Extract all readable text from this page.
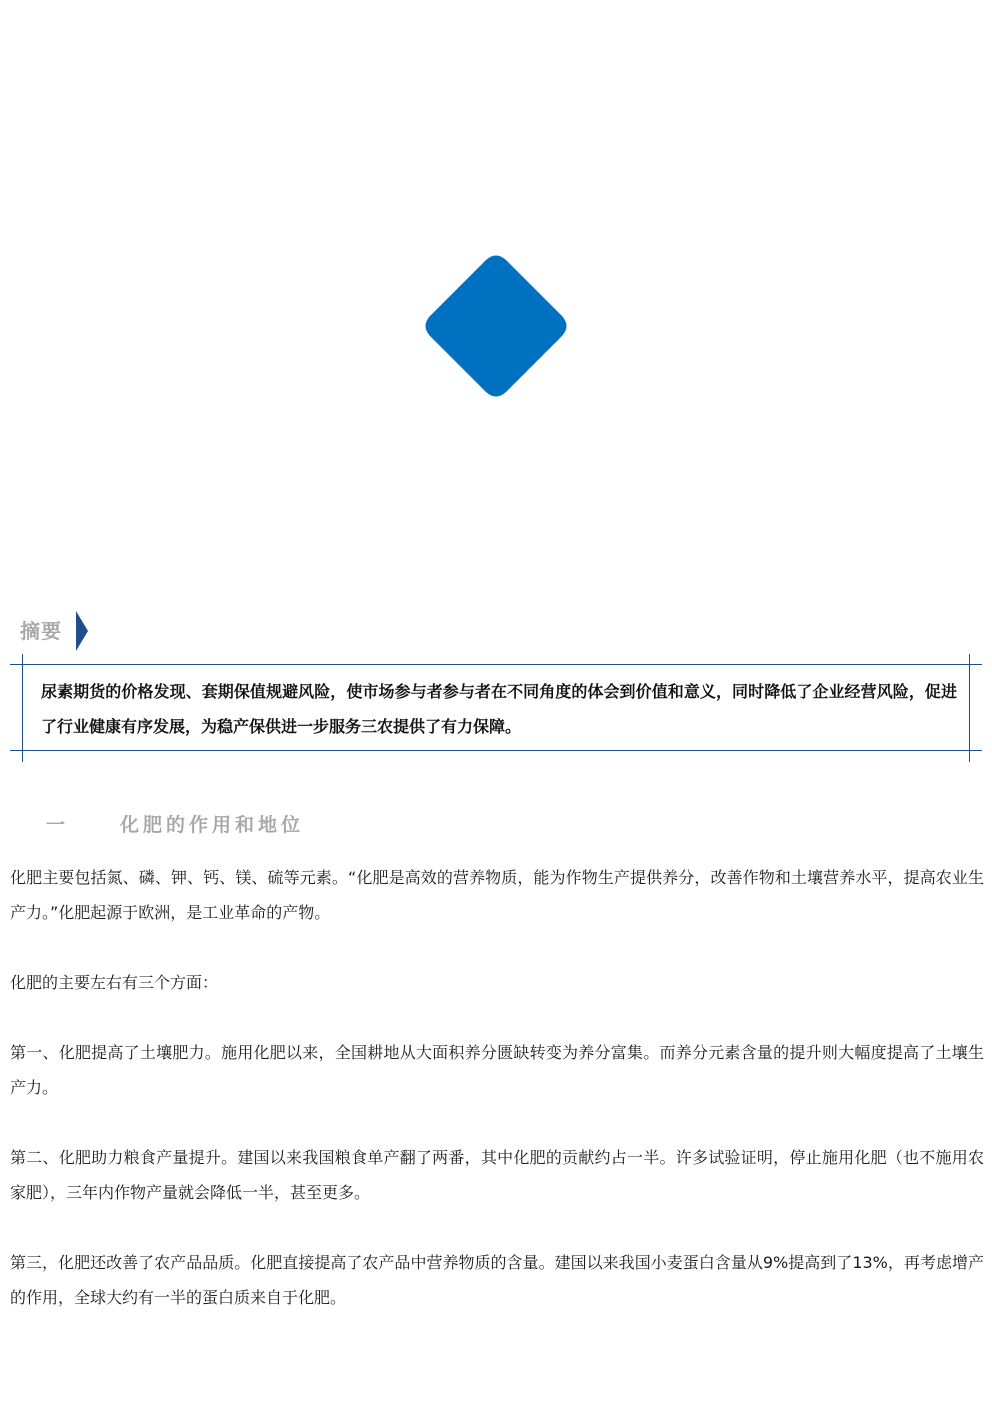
摘要
尿素期货的价格发现、套期保值规避风险，使市场参与者参与者在不同角度的体会到价值和意义，同时降低了企业经营风险，促进了行业健康有序发展，为稳产保供进一步服务三农提供了有力保障。
一	化肥的作用和地位

化肥主要包括氮、磷、钾、钙、镁、硫等元素。“化肥是高效的营养物质，能为作物生产提供养分，改善作物和土壤营养水平，提高农业生产力。”化肥起源于欧洲，是工业革命的产物。

化肥的主要左右有三个方面：

第一、化肥提高了土壤肥力。施用化肥以来，全国耕地从大面积养分匮缺转变为养分富集。而养分元素含量的提升则大幅度提高了土壤生产力。

第二、化肥助力粮食产量提升。建国以来我国粮食单产翻了两番，其中化肥的贡献约占一半。许多试验证明，停止施用化肥（也不施用农家肥），三年内作物产量就会降低一半，甚至更多。

第三，化肥还改善了农产品品质。化肥直接提高了农产品中营养物质的含量。建国以来我国小麦蛋白含量从9%提高到了13%，再考虑增产的作用，全球大约有一半的蛋白质来自于化肥。
